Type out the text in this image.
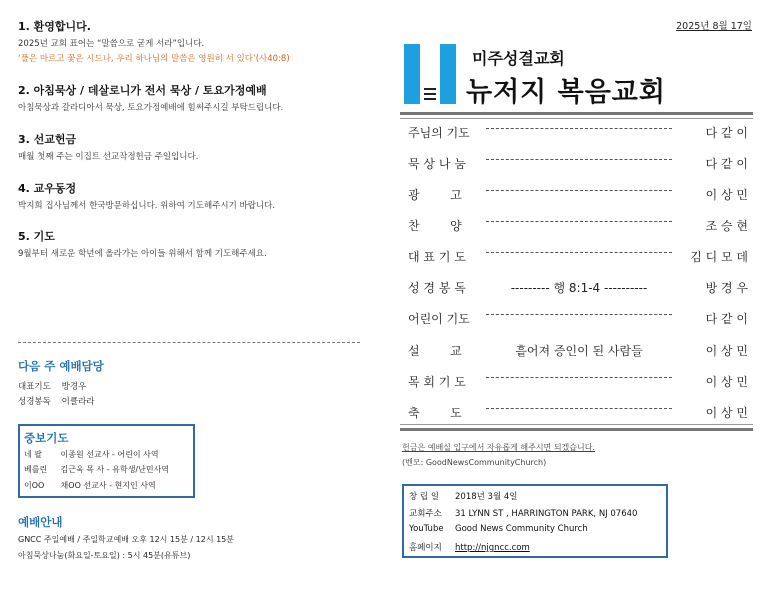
1. 환영합니다.
2025년 교회 표어는 “말씀으로 굳게 서라”입니다.
‘풀은 마르고 꽃은 시드나, 우리 하나님의 말씀은 영원히 서 있다’(사40:8)
2. 아침묵상 / 데살로니가 전서 묵상 / 토요가정예배
아침묵상과 갈라디아서 묵상, 토요가정예배에 힘써주시길 부탁드립니다.
3. 선교헌금
매월 첫째 주는 이집트 선교작정헌금 주일입니다.
4. 교우동정
박지희 집사님께서 한국방문하십니다. 위하여 기도해주시기 바랍니다.
5. 기도
9월부터 새로운 학년에 올라가는 아이들 위해서 함께 기도해주세요.
다음 주 예배담당
대표기도 방경우
성경봉독 이클라라
중보기도
네 팔 이종원 선교사 - 어린이 사역
베를린 김근욱 목 사 - 유학생/난민사역
이OO 채OO 선교사 - 현지인 사역
예배안내
GNCC 주일예배 / 주일학교예배 오후 12시 15분 / 12시 15분
아침묵상나눔(화요일-토요일) : 5시 45분(유튜브)
2025년 8월 17일
미주성결교회
뉴저지 복음교회
주님의 기도	다 같 이
묵 상 나 눔	다 같 이
광        고	이 상 민
찬        양	조 승 현
대 표 기 도	김 디 모 데
성 경 봉 독	--------- 행 8:1-4 ----------	방 경 우
어린이 기도	다 같 이
설        교	흩어져 증인이 된 사람들	이 상 민
목 회 기 도	이 상 민
축        도	이 상 민
헌금은 예배실 입구에서 자유롭게 해주시면 되겠습니다.
(벤모: GoodNewsCommunityChurch)
창 립 일 2018년 3월 4일
교회주소 31 LYNN ST , HARRINGTON PARK, NJ 07640
YouTube Good News Community Church
홈페이지 http://njgncc.com
